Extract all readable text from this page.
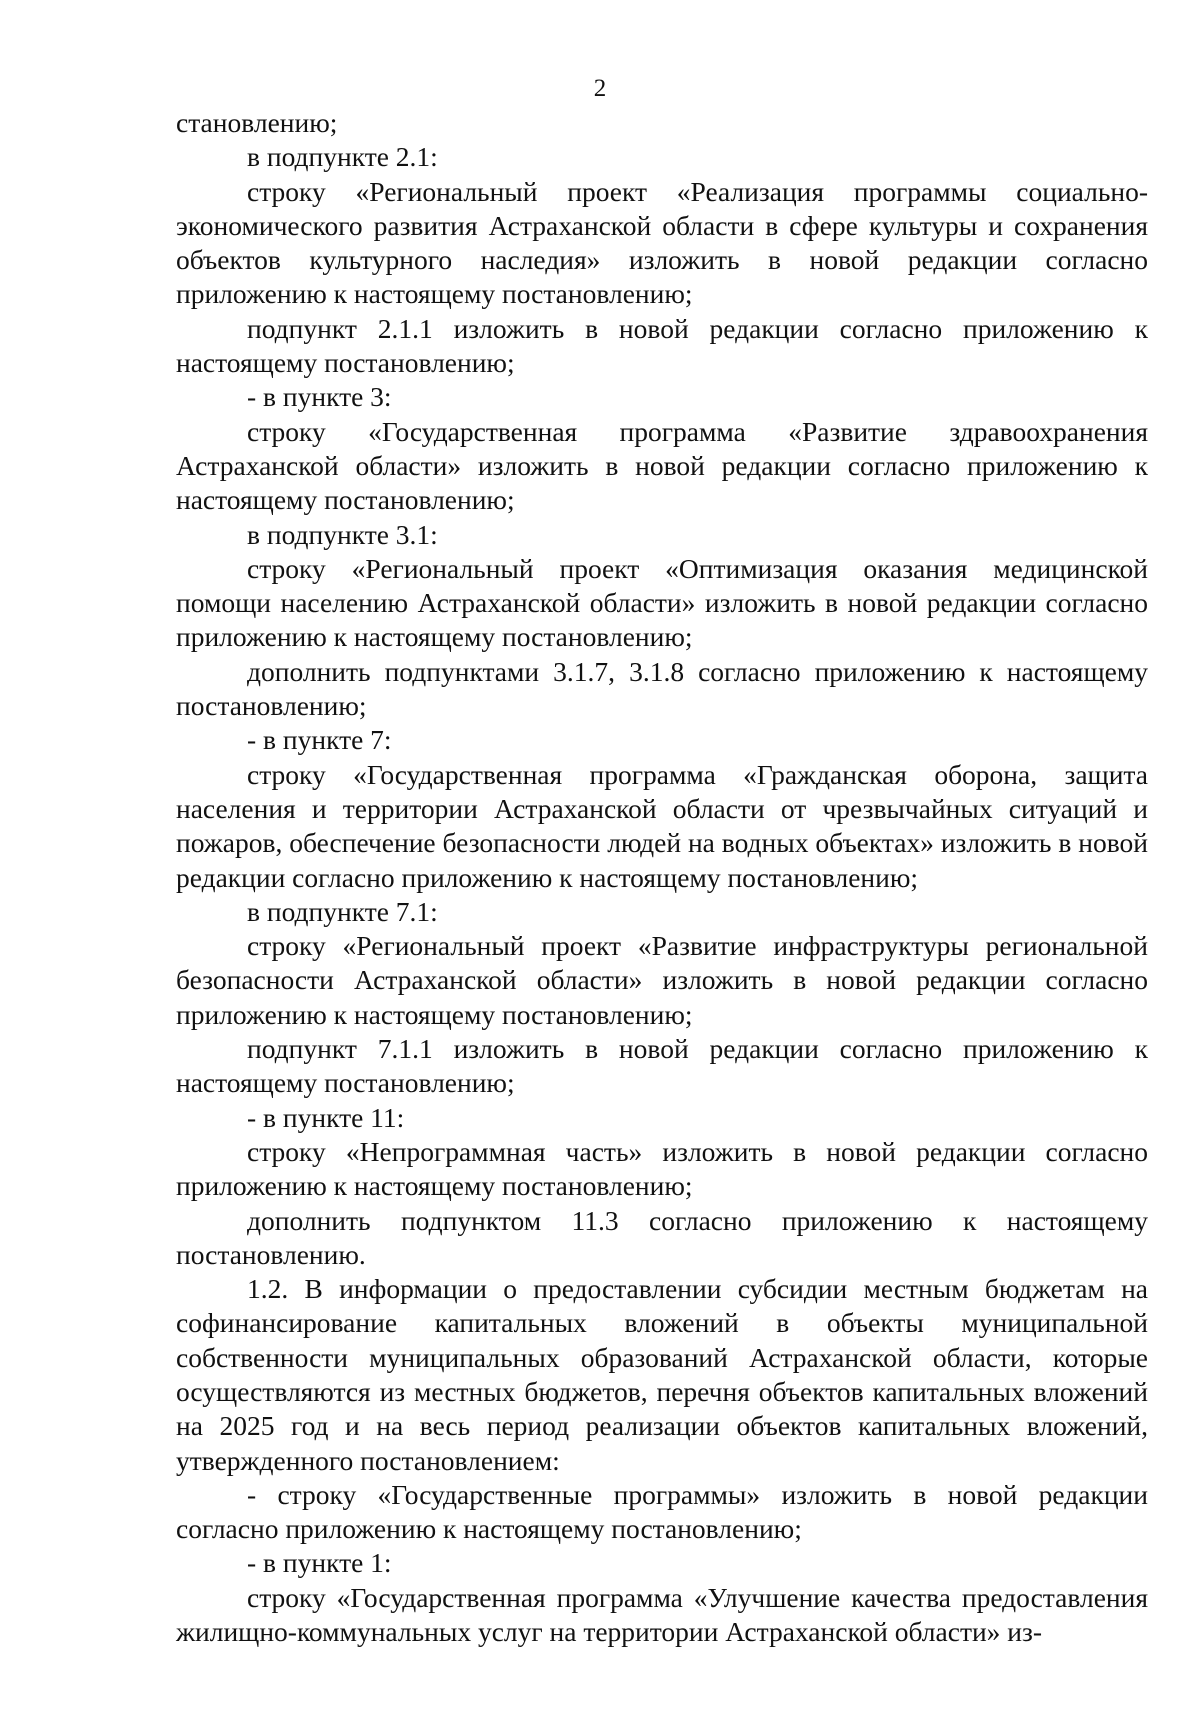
2

становлению;

в подпункте 2.1:

строку «Региональный проект «Реализация программы социально-экономического развития Астраханской области в сфере культуры и сохранения объектов культурного наследия» изложить в новой редакции согласно приложению к настоящему постановлению;

подпункт 2.1.1 изложить в новой редакции согласно приложению к настоящему постановлению;

- в пункте 3:

строку «Государственная программа «Развитие здравоохранения Астраханской области» изложить в новой редакции согласно приложению к настоящему постановлению;

в подпункте 3.1:

строку «Региональный проект «Оптимизация оказания медицинской помощи населению Астраханской области» изложить в новой редакции согласно приложению к настоящему постановлению;

дополнить подпунктами 3.1.7, 3.1.8 согласно приложению к настоящему постановлению;

- в пункте 7:

строку «Государственная программа «Гражданская оборона, защита населения и территории Астраханской области от чрезвычайных ситуаций и пожаров, обеспечение безопасности людей на водных объектах» изложить в новой редакции согласно приложению к настоящему постановлению;

в подпункте 7.1:

строку «Региональный проект «Развитие инфраструктуры региональной безопасности Астраханской области» изложить в новой редакции согласно приложению к настоящему постановлению;

подпункт 7.1.1 изложить в новой редакции согласно приложению к настоящему постановлению;

- в пункте 11:

строку «Непрограммная часть» изложить в новой редакции согласно приложению к настоящему постановлению;

дополнить подпунктом 11.3 согласно приложению к настоящему постановлению.

1.2. В информации о предоставлении субсидии местным бюджетам на софинансирование капитальных вложений в объекты муниципальной собственности муниципальных образований Астраханской области, которые осуществляются из местных бюджетов, перечня объектов капитальных вложений на 2025 год и на весь период реализации объектов капитальных вложений, утвержденного постановлением:

- строку «Государственные программы» изложить в новой редакции согласно приложению к настоящему постановлению;

- в пункте 1:

строку «Государственная программа «Улучшение качества предоставления жилищно-коммунальных услуг на территории Астраханской области» из-
